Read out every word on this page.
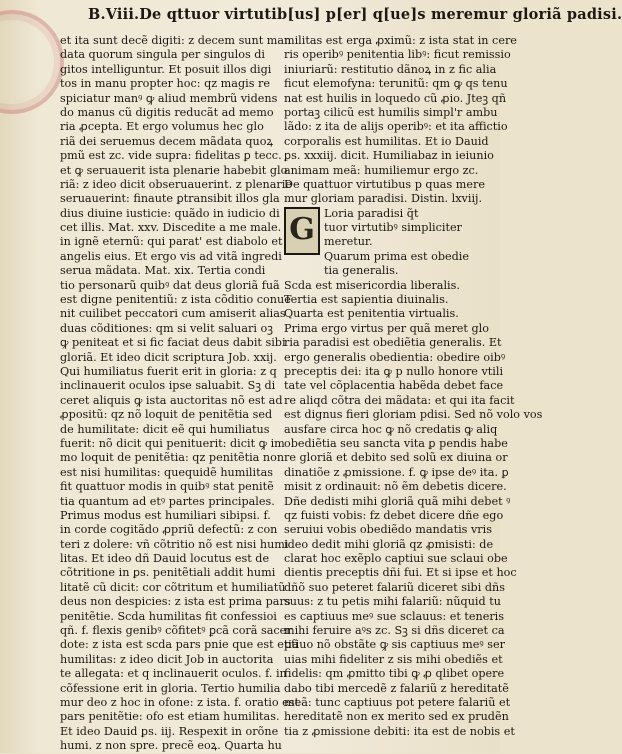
B.Viii.De qttuor virtutib[us] p[er] q[ue]s meremur gloriã padisi.
et ita sunt decẽ digiti: z decem sunt man
data quorum singula per singulos di
gitos intelliguntur. Et posuit illos digi
tos in manu propter hoc: qz magis re
spiciatur manꝰ ꝙ aliud membrũ videns
do manus cũ digitis reducãt ad memo
ria ꝓcepta. Et ergo volumus hec glo
riã dei seruemus decem mãdata quoꝝ
pmũ est zc. vide supra: fidelitas ꝑ tecc.
et ꝙ seruauerit ista plenarie habebit glo
riã: z ideo dicit obseruauerint. z plenarie
seruauerint: finaute ꝑtransibit illos gla
dius diuine iusticie: quãdo in iudicio di
cet illis. Mat. xxv. Discedite a me male.
in ignẽ eternũ: qui parat' est diabolo et
angelis eius. Et ergo vis ad vitã ingredi
serua mãdata. Mat. xix. Tertia condi
tio personarũ quibꝰ dat deus gloriã fuã
est digne penitentiũ: z ista cõditio conue
nit cuilibet peccatori cum amiserit alias
duas cõditiones: qm si velit saluari oꝫ
ꝙ peniteat et si fic faciat deus dabit sibi
gloriã. Et ideo dicit scriptura Job. xxij.
Qui humiliatus fuerit erit in gloria: z q
inclinauerit oculos ipse saluabit. Sꝫ di
ceret aliquis ꝙ ista auctoritas nõ est ad
ꝓpositũ: qz nõ loquit de penitẽtia sed
de humilitate: dicit eẽ qui humiliatus
fuerit: nõ dicit qui penituerit: dicit ꝙ im
mo loquit de penitẽtia: qz penitẽtia non
est nisi humilitas: quequidẽ humilitas
fit quattuor modis in quibꝰ stat penitẽ
tia quantum ad etꝰ partes principales.
Primus modus est humiliari sibipsi. f.
in corde cogitãdo ꝓpriũ defectũ: z con
teri z dolere: vñ cõtritio nõ est nisi humi
litas. Et ideo dñ Dauid locutus est de
cõtritione in ꝑs. penitẽtiali addit humi
litatẽ cũ dicit: cor cõtritum et humiliatũ
deus non despicies: z ista est prima pars
penitẽtie. Scda humilitas fit confessioi
qñ. f. flexis genibꝰ cõfitetꝰ ꝑcã corã sacer
dote: z ista est scda pars pnie que est etiã
humilitas: z ideo dicit Job in auctorita
te allegata: et q inclinauerit oculos. f. in
cõfessione erit in gloria. Tertio humilia
mur deo z hoc in ofone: z ista. f. oratio est
pars penitẽtie: ofo est etiam humilitas.
Et ideo Dauid ꝑs. iij. Respexit in orõne
humi. z non spre. precẽ eoꝝ. Quarta hu
militas est erga ꝓximũ: z ista stat in cere
ris operibꝰ penitentia libꝰ: ficut remissio
iniuriarũ: restitutio dãnoꝝ in z fic alia
ficut elemofyna: terunitũ: qm ꝙ qs tenu
nat est huilis in loquedo cũ ꝓio. Jteꝫ qñ
portaꝫ cilicũ est humilis simpl'r ambu
lãdo: z ita de alijs operibꝰ: et ita affictio
corporalis est humilitas. Et io Dauid
ꝑs. xxxiij. dicit. Humiliabaz in ieiunio
animam meã: humiliemur ergo zc.
De quattuor virtutibus p quas mere
mur gloriam paradisi. Distin. lxviij.
G Loria paradisi q̃t
tuor virtutibꝰ simpliciter
meretur.
Quarum prima est obedie
tia generalis.
Scda est misericordia liberalis.
Tertia est sapientia diuinalis.
Quarta est penitentia virtualis.
Prima ergo virtus per quã meret glo
ria paradisi est obediẽtia generalis. Et
ergo generalis obedientia: obedire oibꝰ
preceptis dei: ita ꝙ p nullo honore vtili
tate vel cõplacentia habẽda debet face
re aliqd cõtra dei mãdata: et qui ita facit
est dignus fieri gloriam pdisi. Sed nõ volo vos
ausfare circa hoc ꝙ nõ credatis ꝙ aliq
obediẽtia seu sancta vita ꝑ pendis habe
re gloriã et debito sed solũ ex diuina or
dinatiõe z ꝓmissione. f. ꝙ ipse deꝰ ita. ꝑ
misit z ordinauit: nõ ẽm debetis dicere.
Dñe dedisti mihi gloriã quã mihi debet ꝰ
qz fuisti vobis: fz debet dicere dñe ego
seruiui vobis obediẽdo mandatis vris
ideo dedit mihi gloriã qz ꝓmisisti: de
clarat hoc exẽplo captiui sue sclaui obe
dientis preceptis dñi fui. Et si ipse et hoc
dñõ suo peteret falariũ diceret sibi dñs
suus: z tu petis mihi falariũ: nũquid tu
es captiuus meꝰ sue sclauus: et teneris
mihi feruire aꝰs zc. Sꝫ si dñs diceret ca
ptiuo nõ obstãte ꝙ sis captiuus meꝰ ser
uias mihi fideliter z sis mihi obediẽs et
fidelis: qm ꝓmitto tibi ꝙ ꝓ qlibet opere
dabo tibi mercedẽ z falariũ z hereditatẽ
meã: tunc captiuus pot petere falariũ et
hereditatẽ non ex merito sed ex prudẽn
tia z ꝓmissione debiti: ita est de nobis et
